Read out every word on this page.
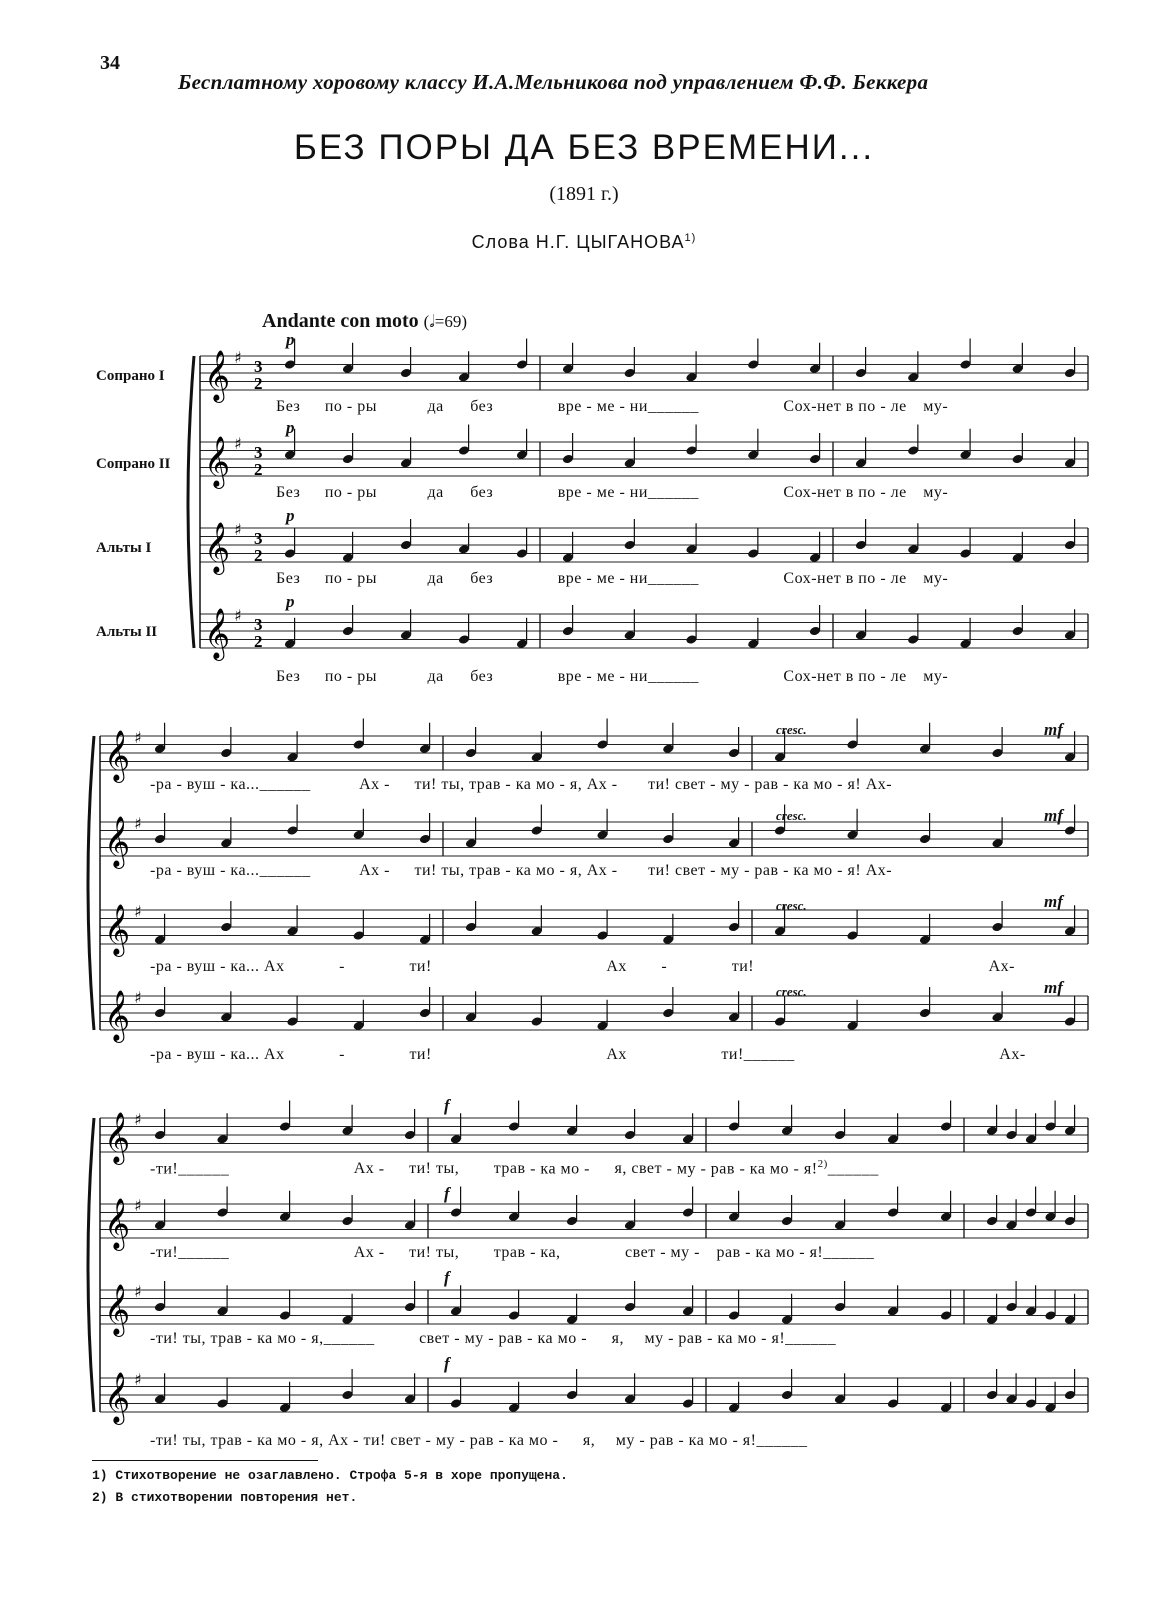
34
Бесплатному хоровому классу И.А.Мельникова под управлением Ф.Ф. Беккера
БЕЗ ПОРЫ ДА БЕЗ ВРЕМЕНИ...
(1891 г.)
Слова Н.Г. ЦЫГАНОВА$^{1)}$
Andante con moto (𝅗𝅥=69)
Сопрано I
Сопрано II
Альты I
Альты II
p
p
p
p
cresc.
cresc.
cresc.
cresc.
mf
mf
mf
mf
f
f
f
f
Без по - ры	да без	вре - ме - ни______	Сох-нет в по - ле му-
Без по - ры	да без	вре - ме - ни______	Сох-нет в по - ле му-
Без по - ры	да без	вре - ме - ни______	Сох-нет в по - ле му-
Без по - ры	да без	вре - ме - ни______	Сох-нет в по - ле му-
-ра - вуш - ка...______	Ах - ти! ты, трав - ка мо - я, Ах - ти! свет - му - рав - ка мо - я! Ах-
-ра - вуш - ка...______	Ах - ти! ты, трав - ка мо - я, Ах - ти! свет - му - рав - ка мо - я! Ах-
-ра - вуш - ка... Ах	-	ти!	Ах -	ти!	Ах-
-ра - вуш - ка... Ах	-	ти!	Ах	ти!______	Ах-
-ти!______	Ах - ти! ты, трав - ка мо - я, свет - му - рав - ка мо - я!$^{2)}$______
-ти!______	Ах - ти! ты, трав - ка,	свет - му - рав - ка мо - я!______
-ти! ты, трав - ка мо - я,______	свет - му - рав - ка мо - я, му - рав - ка мо - я!______
-ти! ты, трав - ка мо - я, Ах - ти! свет - му - рав - ка мо - я, му - рав - ка мо - я!______
1) Стихотворение не озаглавлено. Строфа 5-я в хоре пропущена.
2) В стихотворении повторения нет.
𝄞 ♯ 3
2
𝄞 ♯ 3
2
𝄞 ♯ 3
2
𝄞 ♯ 3
2
𝄞 ♯
𝄞 ♯
𝄞 ♯
𝄞 ♯
𝄞 ♯
𝄞 ♯
𝄞 ♯
𝄞 ♯
